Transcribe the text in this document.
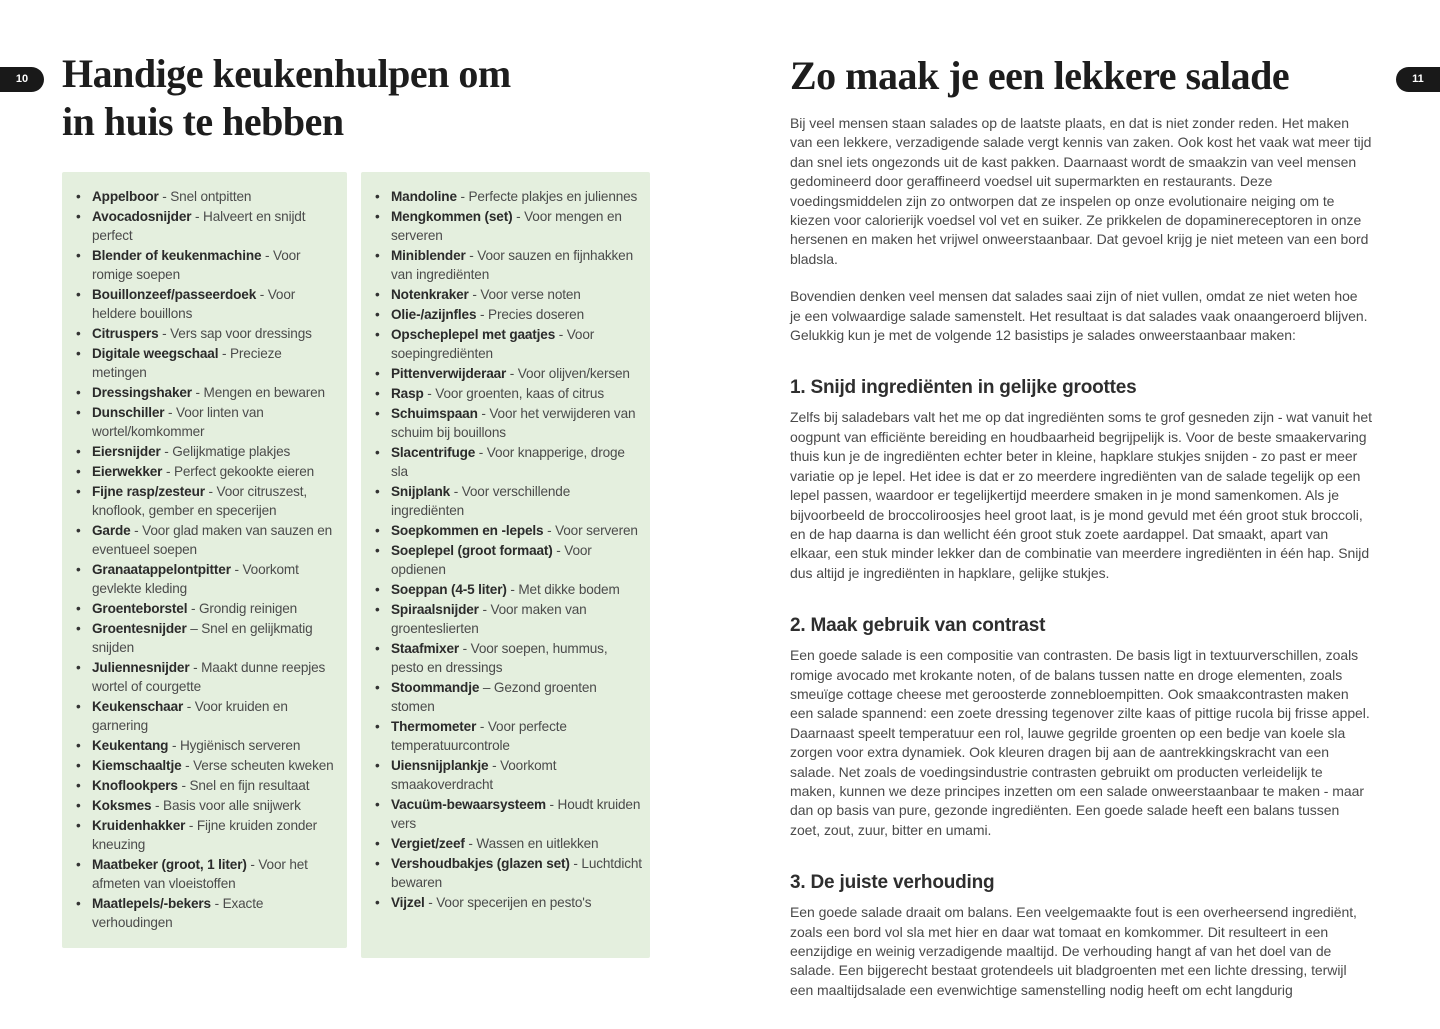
10 Handige keukenhulpen om
in huis te hebben
• Appelboor - Snel ontpitten
• Avocadosnijder - Halveert en snijdt perfect
• Blender of keukenmachine - Voor romige soepen
• Bouillonzeef/passeerdoek - Voor heldere bouillons
• Citruspers - Vers sap voor dressings
• Digitale weegschaal - Precieze metingen
• Dressingshaker - Mengen en bewaren
• Dunschiller - Voor linten van wortel/komkommer
• Eiersnijder - Gelijkmatige plakjes
• Eierwekker - Perfect gekookte eieren
• Fijne rasp/zesteur - Voor citruszest, knoflook, gember en specerijen
• Garde - Voor glad maken van sauzen en eventueel soepen
• Granaatappelontpitter - Voorkomt gevlekte kleding
• Groenteborstel - Grondig reinigen
• Groentesnijder – Snel en gelijkmatig snijden
• Juliennesnijder - Maakt dunne reepjes wortel of courgette
• Keukenschaar - Voor kruiden en garnering
• Keukentang - Hygiënisch serveren
• Kiemschaaltje - Verse scheuten kweken
• Knoflookpers - Snel en fijn resultaat
• Koksmes - Basis voor alle snijwerk
• Kruidenhakker - Fijne kruiden zonder kneuzing
• Maatbeker (groot, 1 liter) - Voor het afmeten van vloeistoffen
• Maatlepels/-bekers - Exacte verhoudingen
• Mandoline - Perfecte plakjes en juliennes
• Mengkommen (set) - Voor mengen en serveren
• Miniblender - Voor sauzen en fijnhakken van ingrediënten
• Notenkraker - Voor verse noten
• Olie-/azijnfles - Precies doseren
• Opscheplepel met gaatjes - Voor soepingrediënten
• Pittenverwijderaar - Voor olijven/kersen
• Rasp - Voor groenten, kaas of citrus
• Schuimspaan - Voor het verwijderen van schuim bij bouillons
• Slacentrifuge - Voor knapperige, droge sla
• Snijplank - Voor verschillende ingrediënten
• Soepkommen en -lepels - Voor serveren
• Soeplepel (groot formaat) - Voor opdienen
• Soeppan (4-5 liter) - Met dikke bodem
• Spiraalsnijder - Voor maken van groenteslierten
• Staafmixer - Voor soepen, hummus, pesto en dressings
• Stoommandje – Gezond groenten stomen
• Thermometer - Voor perfecte temperatuurcontrole
• Uiensnijplankje - Voorkomt smaakoverdracht
• Vacuüm-bewaarsysteem - Houdt kruiden vers
• Vergiet/zeef - Wassen en uitlekken
• Vershoudbakjes (glazen set) - Luchtdicht bewaren
• Vijzel - Voor specerijen en pesto's
11
Zo maak je een lekkere salade

Bij veel mensen staan salades op de laatste plaats, en dat is niet zonder reden. Het maken van een lekkere, verzadigende salade vergt kennis van zaken. Ook kost het vaak wat meer tijd dan snel iets ongezonds uit de kast pakken. Daarnaast wordt de smaakzin van veel mensen gedomineerd door geraffineerd voedsel uit supermarkten en restaurants. Deze voedingsmiddelen zijn zo ontworpen dat ze inspelen op onze evolutionaire neiging om te kiezen voor calorierijk voedsel vol vet en suiker. Ze prikkelen de dopaminereceptoren in onze hersenen en maken het vrijwel onweerstaanbaar. Dat gevoel krijg je niet meteen van een bord bladsla.

Bovendien denken veel mensen dat salades saai zijn of niet vullen, omdat ze niet weten hoe je een volwaardige salade samenstelt. Het resultaat is dat salades vaak onaangeroerd blijven. Gelukkig kun je met de volgende 12 basistips je salades onweerstaanbaar maken:

1. Snijd ingrediënten in gelijke groottes

Zelfs bij saladebars valt het me op dat ingrediënten soms te grof gesneden zijn - wat vanuit het oogpunt van efficiënte bereiding en houdbaarheid begrijpelijk is. Voor de beste smaakervaring thuis kun je de ingrediënten echter beter in kleine, hapklare stukjes snijden - zo past er meer variatie op je lepel. Het idee is dat er zo meerdere ingrediënten van de salade tegelijk op een lepel passen, waardoor er tegelijkertijd meerdere smaken in je mond samenkomen. Als je bijvoorbeeld de broccoliroosjes heel groot laat, is je mond gevuld met één groot stuk broccoli, en de hap daarna is dan wellicht één groot stuk zoete aardappel. Dat smaakt, apart van elkaar, een stuk minder lekker dan de combinatie van meerdere ingrediënten in één hap. Snijd dus altijd je ingrediënten in hapklare, gelijke stukjes.

2. Maak gebruik van contrast

Een goede salade is een compositie van contrasten. De basis ligt in textuurverschillen, zoals romige avocado met krokante noten, of de balans tussen natte en droge elementen, zoals smeuïge cottage cheese met geroosterde zonnebloempitten. Ook smaakcontrasten maken een salade spannend: een zoete dressing tegenover zilte kaas of pittige rucola bij frisse appel. Daarnaast speelt temperatuur een rol, lauwe gegrilde groenten op een bedje van koele sla zorgen voor extra dynamiek. Ook kleuren dragen bij aan de aantrekkingskracht van een salade. Net zoals de voedingsindustrie contrasten gebruikt om producten verleidelijk te maken, kunnen we deze principes inzetten om een salade onweerstaanbaar te maken - maar dan op basis van pure, gezonde ingrediënten. Een goede salade heeft een balans tussen zoet, zout, zuur, bitter en umami.

3. De juiste verhouding

Een goede salade draait om balans. Een veelgemaakte fout is een overheersend ingrediënt, zoals een bord vol sla met hier en daar wat tomaat en komkommer. Dit resulteert in een eenzijdige en weinig verzadigende maaltijd. De verhouding hangt af van het doel van de salade. Een bijgerecht bestaat grotendeels uit bladgroenten met een lichte dressing, terwijl een maaltijdsalade een evenwichtige samenstelling nodig heeft om echt langdurig
